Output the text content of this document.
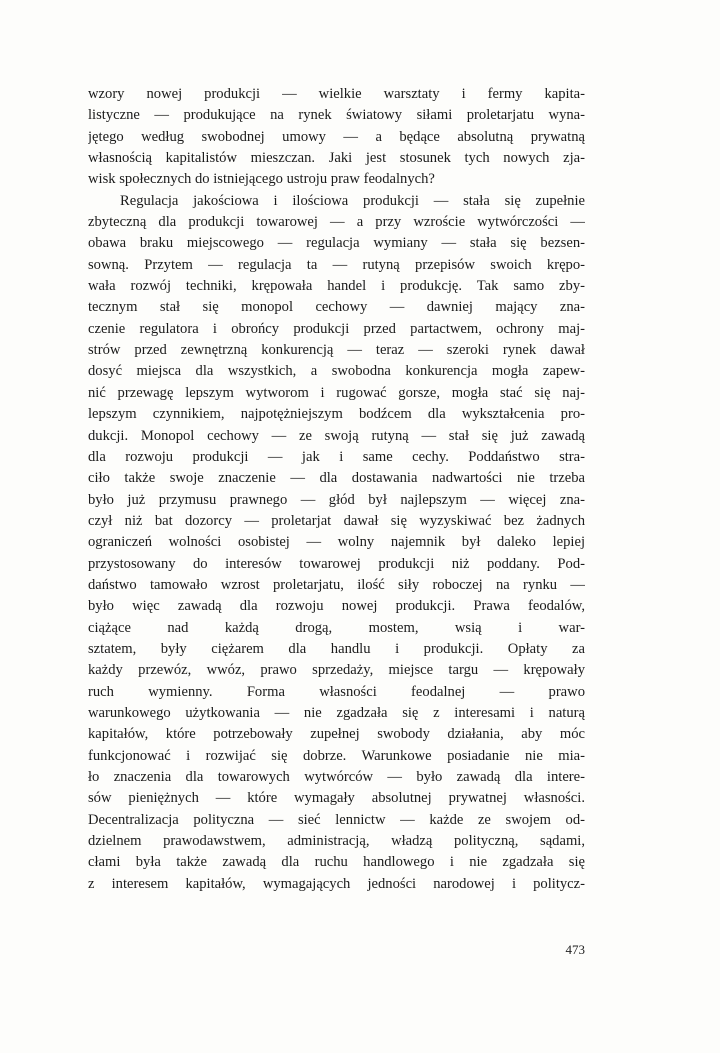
wzory nowej produkcji — wielkie warsztaty i fermy kapita-
listyczne — produkujące na rynek światowy siłami proletarjatu wyna-
jętego według swobodnej umowy — a będące absolutną prywatną
własnością kapitalistów mieszczan. Jaki jest stosunek tych nowych zja-
wisk społecznych do istniejącego ustroju praw feodalnych?
Regulacja jakościowa i ilościowa produkcji — stała się zupełnie
zbyteczną dla produkcji towarowej — a przy wzroście wytwórczości —
obawa braku miejscowego — regulacja wymiany — stała się bezsen-
sowną. Przytem — regulacja ta — rutyną przepisów swoich krępo-
wała rozwój techniki, krępowała handel i produkcję. Tak samo zby-
tecznym stał się monopol cechowy — dawniej mający zna-
czenie regulatora i obrońcy produkcji przed partactwem, ochrony maj-
strów przed zewnętrzną konkurencją — teraz — szeroki rynek dawał
dosyć miejsca dla wszystkich, a swobodna konkurencja mogła zapew-
nić przewagę lepszym wytworom i rugować gorsze, mogła stać się naj-
lepszym czynnikiem, najpotężniejszym bodźcem dla wykształcenia pro-
dukcji. Monopol cechowy — ze swoją rutyną — stał się już zawadą
dla rozwoju produkcji — jak i same cechy. Poddaństwo stra-
ciło także swoje znaczenie — dla dostawania nadwartości nie trzeba
było już przymusu prawnego — głód był najlepszym — więcej zna-
czył niż bat dozorcy — proletarjat dawał się wyzyskiwać bez żadnych
ograniczeń wolności osobistej — wolny najemnik był daleko lepiej
przystosowany do interesów towarowej produkcji niż poddany. Pod-
daństwo tamowało wzrost proletarjatu, ilość siły roboczej na rynku —
było więc zawadą dla rozwoju nowej produkcji. Prawa feodalów,
ciążące nad każdą drogą, mostem, wsią i war-
sztatem, były ciężarem dla handlu i produkcji. Opłaty za
każdy przewóz, wwóz, prawo sprzedaży, miejsce targu — krępowały
ruch wymienny. Forma własności feodalnej — prawo
warunkowego użytkowania — nie zgadzała się z interesami i naturą
kapitałów, które potrzebowały zupełnej swobody działania, aby móc
funkcjonować i rozwijać się dobrze. Warunkowe posiadanie nie mia-
ło znaczenia dla towarowych wytwórców — było zawadą dla intere-
sów pieniężnych — które wymagały absolutnej prywatnej własności.
Decentralizacja polityczna — sieć lennictw — każde ze swojem od-
dzielnem prawodawstwem, administracją, władzą polityczną, sądami,
cłami była także zawadą dla ruchu handlowego i nie zgadzała się
z interesem kapitałów, wymagających jedności narodowej i politycz-
473
